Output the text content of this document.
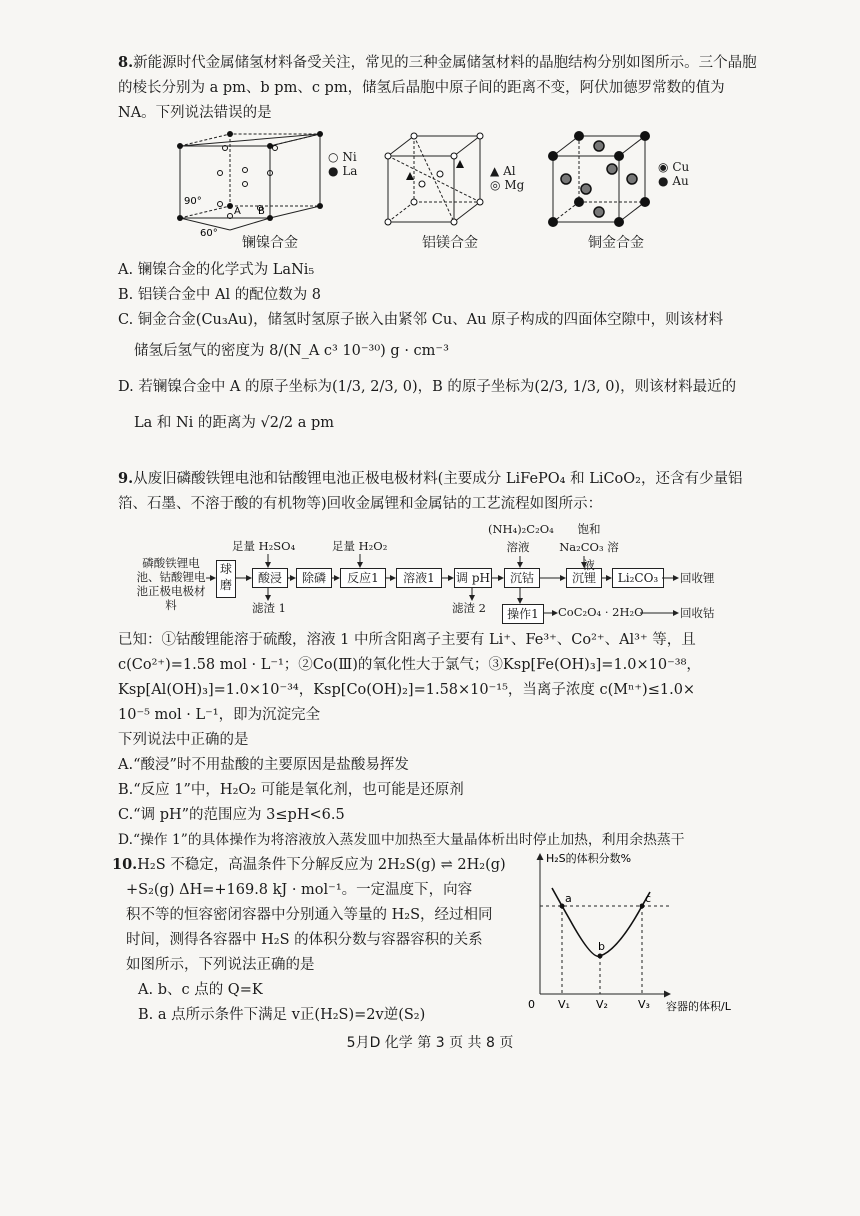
8.新能源时代金属储氢材料备受关注，常见的三种金属储氢材料的晶胞结构分别如图所示。三个晶胞的棱长分别为 a pm、b pm、c pm，储氢后晶胞中原子间的距离不变，阿伏加德罗常数的值为 NA。下列说法错误的是

90°
60°
A B
○ Ni
● La
镧镍合金
▲ Al
◎ Mg
铝镁合金
◉ Cu
● Au
铜金合金

A. 镧镍合金的化学式为 LaNi₅

B. 铝镁合金中 Al 的配位数为 8

C. 铜金合金(Cu₃Au)，储氢时氢原子嵌入由紧邻 Cu、Au 原子构成的四面体空隙中，则该材料

储氢后氢气的密度为 8/(N_A c³ 10⁻³⁰) g · cm⁻³

D. 若镧镍合金中 A 的原子坐标为(1/3, 2/3, 0)，B 的原子坐标为(2/3, 1/3, 0)，则该材料最近的

La 和 Ni 的距离为 √2/2 a pm

9.从废旧磷酸铁锂电池和钴酸锂电池正极电极材料(主要成分 LiFePO₄ 和 LiCoO₂，还含有少量铝箔、石墨、不溶于酸的有机物等)回收金属锂和金属钴的工艺流程如图所示：

磷酸铁锂电池、钴酸锂电池正极电极材料
球磨	酸浸	除磷	反应1	溶液1	调 pH	沉钴	沉锂	Li₂CO₃
操作1
足量 H₂SO₄	足量 H₂O₂
(NH₄)₂C₂O₄ 溶液
饱和 Na₂CO₃ 溶液
滤渣 1	滤渣 2
回收锂
CoC₂O₄ · 2H₂O	回收钴

已知：①钴酸锂能溶于硫酸，溶液 1 中所含阳离子主要有 Li⁺、Fe³⁺、Co²⁺、Al³⁺ 等，且

c(Co²⁺)=1.58 mol · L⁻¹；②Co(Ⅲ)的氧化性大于氯气；③Ksp[Fe(OH)₃]=1.0×10⁻³⁸，

Ksp[Al(OH)₃]=1.0×10⁻³⁴，Ksp[Co(OH)₂]=1.58×10⁻¹⁵，当离子浓度 c(Mⁿ⁺)≤1.0×

10⁻⁵ mol · L⁻¹，即为沉淀完全

下列说法中正确的是

A.“酸浸”时不用盐酸的主要原因是盐酸易挥发

B.“反应 1”中，H₂O₂ 可能是氧化剂，也可能是还原剂

C.“调 pH”的范围应为 3≤pH<6.5

D.“操作 1”的具体操作为将溶液放入蒸发皿中加热至大量晶体析出时停止加热，利用余热蒸干

10.H₂S 不稳定，高温条件下分解反应为 2H₂S(g) ⇌ 2H₂(g)

+S₂(g) ΔH=+169.8 kJ · mol⁻¹。一定温度下，向容

积不等的恒容密闭容器中分别通入等量的 H₂S，经过相同

时间，测得各容器中 H₂S 的体积分数与容器容积的关系

如图所示，下列说法正确的是

A. b、c 点的 Q=K

B. a 点所示条件下满足 v正(H₂S)=2v逆(S₂)

H₂S的体积分数%
容器的体积/L
0 V₁ V₂	V₃
a
b
c
5月D 化学 第 3 页 共 8 页
